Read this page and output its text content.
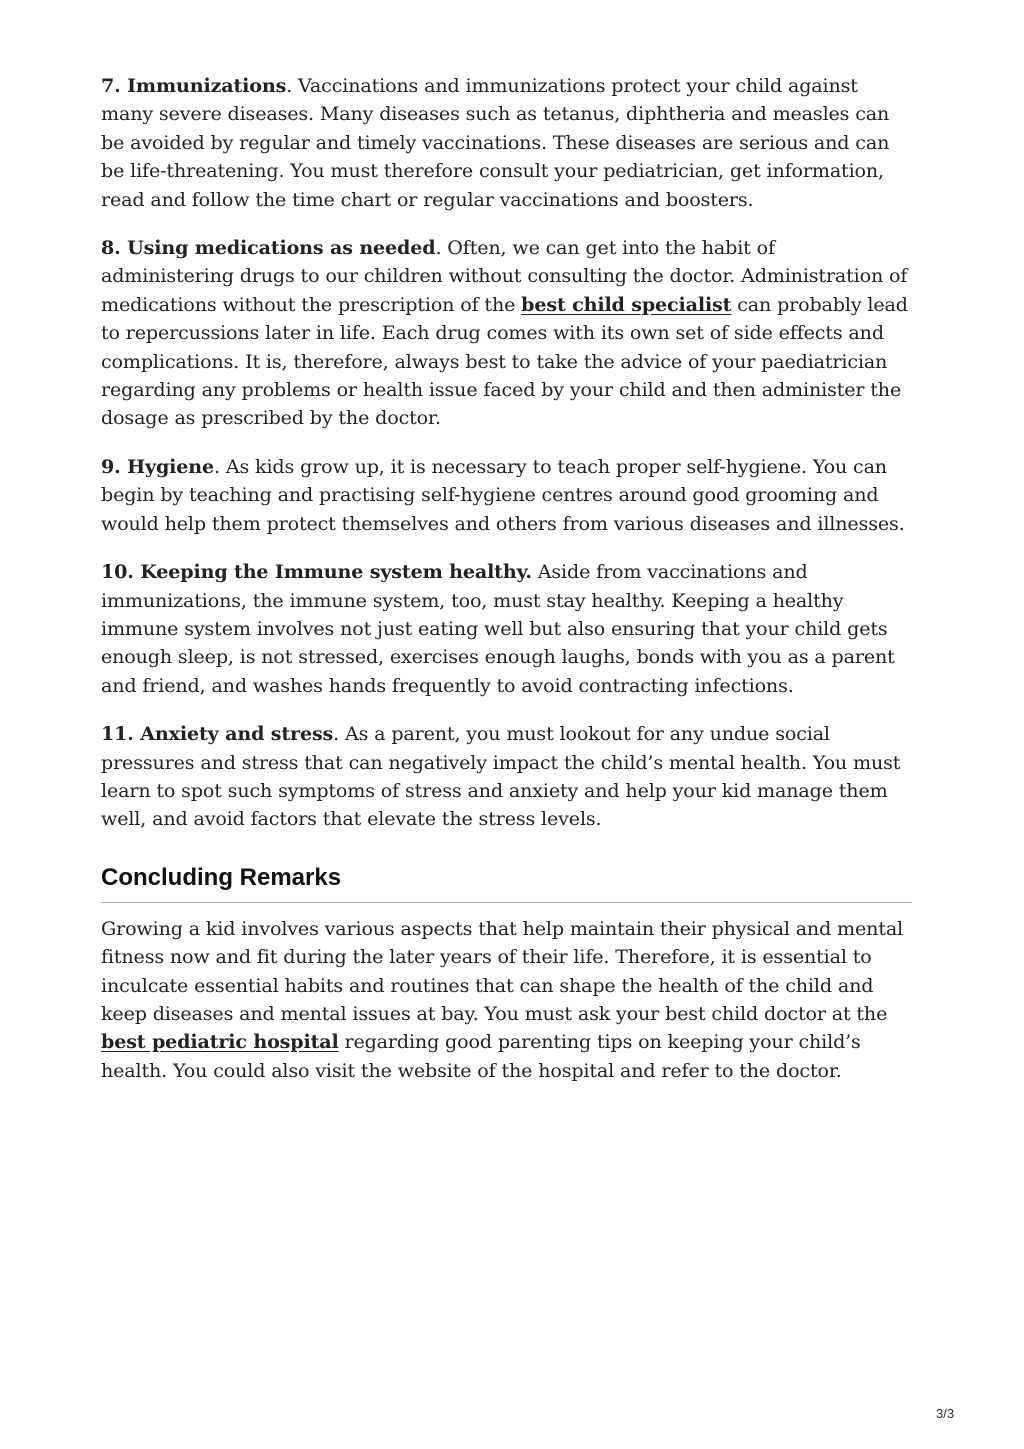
7. Immunizations. Vaccinations and immunizations protect your child against many severe diseases. Many diseases such as tetanus, diphtheria and measles can be avoided by regular and timely vaccinations. These diseases are serious and can be life-threatening. You must therefore consult your pediatrician, get information, read and follow the time chart or regular vaccinations and boosters.

8. Using medications as needed. Often, we can get into the habit of administering drugs to our children without consulting the doctor. Administration of medications without the prescription of the best child specialist can probably lead to repercussions later in life. Each drug comes with its own set of side effects and complications. It is, therefore, always best to take the advice of your paediatrician regarding any problems or health issue faced by your child and then administer the dosage as prescribed by the doctor.

9. Hygiene. As kids grow up, it is necessary to teach proper self-hygiene. You can begin by teaching and practising self-hygiene centres around good grooming and would help them protect themselves and others from various diseases and illnesses.

10. Keeping the Immune system healthy. Aside from vaccinations and immunizations, the immune system, too, must stay healthy. Keeping a healthy immune system involves not just eating well but also ensuring that your child gets enough sleep, is not stressed, exercises enough laughs, bonds with you as a parent and friend, and washes hands frequently to avoid contracting infections.

11. Anxiety and stress. As a parent, you must lookout for any undue social pressures and stress that can negatively impact the child’s mental health. You must learn to spot such symptoms of stress and anxiety and help your kid manage them well, and avoid factors that elevate the stress levels.

Concluding Remarks

Growing a kid involves various aspects that help maintain their physical and mental fitness now and fit during the later years of their life. Therefore, it is essential to inculcate essential habits and routines that can shape the health of the child and keep diseases and mental issues at bay. You must ask your best child doctor at the best pediatric hospital regarding good parenting tips on keeping your child’s health. You could also visit the website of the hospital and refer to the doctor.

3/3
